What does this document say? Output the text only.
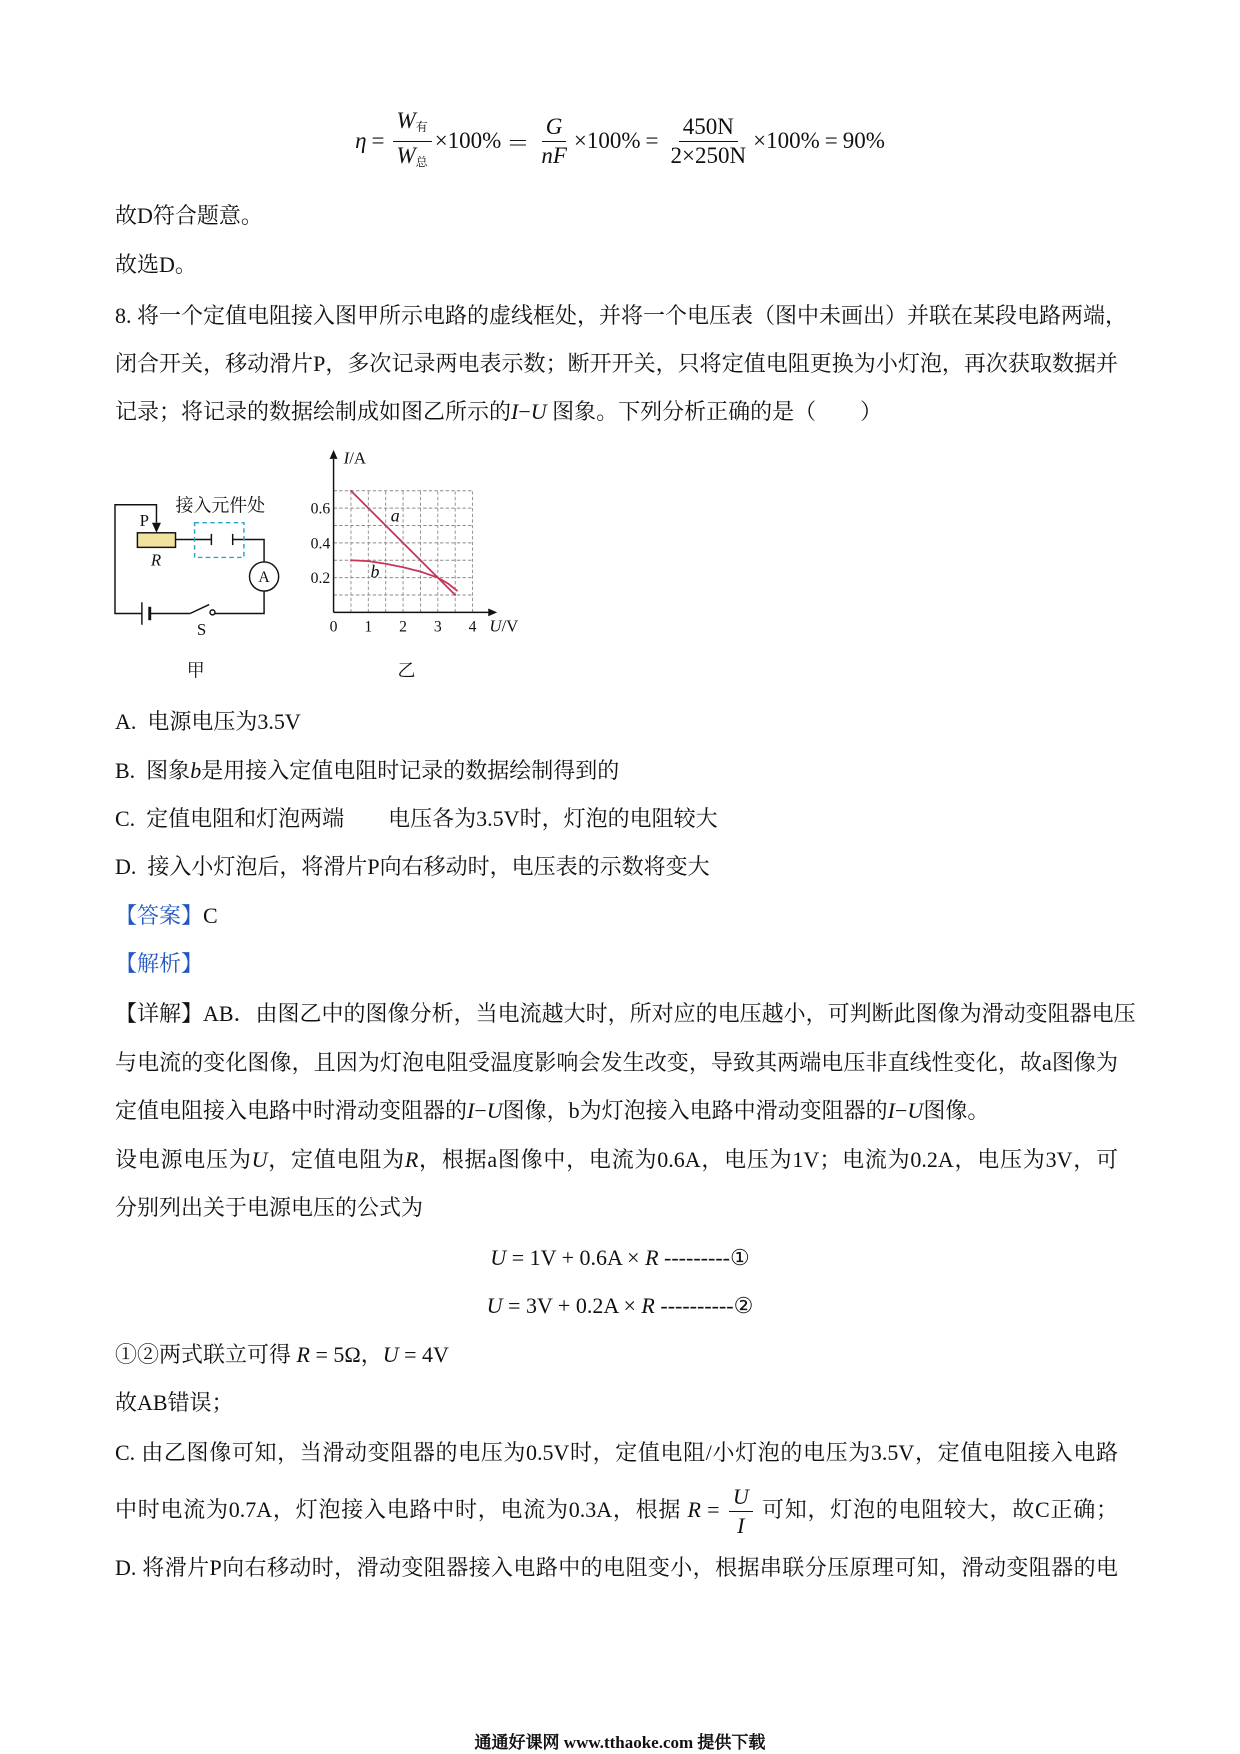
$\eta = \frac{W_有}{W_总} \times 100\% = \frac{G}{nF} \times 100\% = \frac{450N}{2\times 250N} \times 100\% = 90\%$
故D符合题意。
故选D。
8. 将一个定值电阻接入图甲所示电路的虚线框处，并将一个电压表（图中未画出）并联在某段电路两端，
闭合开关，移动滑片P，多次记录两电表示数；断开开关，只将定值电阻更换为小灯泡，再次获取数据并
记录；将记录的数据绘制成如图乙所示的I−U 图象。下列分析正确的是（　　）
P
R
接入元件处
A
S
甲
I/A
U/V
0.6
0.4
0.2
0 1 2 3 4
a
b
乙
A.  电源电压为3.5V
B.  图象b是用接入定值电阻时记录的数据绘制得到的
C.  定值电阻和灯泡两端　　电压各为3.5V时，灯泡的电阻较大
D.  接入小灯泡后，将滑片P向右移动时，电压表的示数将变大
【答案】C
【解析】
【详解】AB．由图乙中的图像分析，当电流越大时，所对应的电压越小，可判断此图像为滑动变阻器电压
与电流的变化图像，且因为灯泡电阻受温度影响会发生改变，导致其两端电压非直线性变化，故a图像为
定值电阻接入电路中时滑动变阻器的I−U图像，b为灯泡接入电路中滑动变阻器的I−U图像。
设电源电压为U，定值电阻为R，根据a图像中，电流为0.6A，电压为1V；电流为0.2A，电压为3V，可
分别列出关于电源电压的公式为
U = 1V + 0.6A × R ---------①
U = 3V + 0.2A × R ----------②
①②两式联立可得 R = 5Ω，U = 4V
故AB错误；
C. 由乙图像可知，当滑动变阻器的电压为0.5V时，定值电阻/小灯泡的电压为3.5V，定值电阻接入电路
中时电流为0.7A，灯泡接入电路中时，电流为0.3A，根据 $R = \frac{U}{I}$ 可知，灯泡的电阻较大，故C正确；
D. 将滑片P向右移动时，滑动变阻器接入电路中的电阻变小，根据串联分压原理可知，滑动变阻器的电
通通好课网 www.tthaoke.com 提供下载
